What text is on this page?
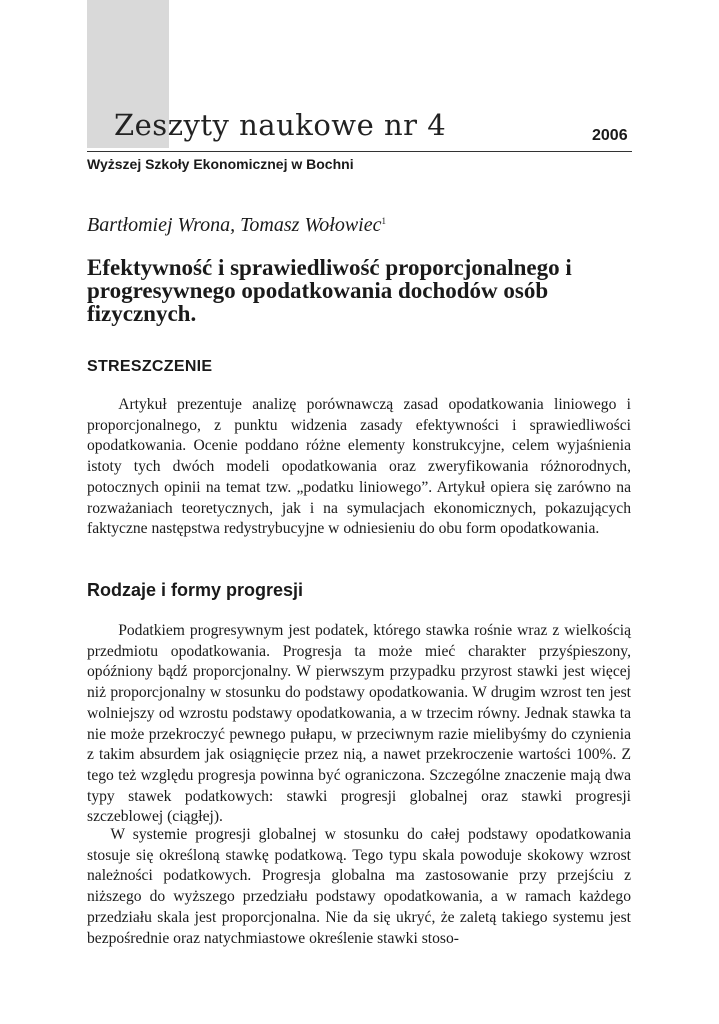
Zeszyty naukowe nr 4	2006
Wyższej Szkoły Ekonomicznej w Bochni
Bartłomiej Wrona, Tomasz Wołowiec$^1$
Efektywność i sprawiedliwość proporcjonalnego i progresywnego opodatkowania dochodów osób fizycznych.
STRESZCZENIE

  Artykuł prezentuje analizę porównawczą zasad opodatkowania liniowego i proporcjonalnego, z punktu widzenia zasady efektywności i sprawiedliwości opodatkowania. Ocenie poddano różne elementy konstrukcyjne, celem wyjaśnienia istoty tych dwóch modeli opodatkowania oraz zweryfikowania różnorodnych, potocznych opinii na temat tzw. „podatku liniowego”. Artykuł opiera się zarówno na rozważaniach teoretycznych, jak i na symulacjach ekonomicznych, pokazujących faktyczne następstwa redystrybucyjne w odniesieniu do obu form opodatkowania.

Rodzaje i formy progresji

  Podatkiem progresywnym jest podatek, którego stawka rośnie wraz z wielkością przedmiotu opodatkowania. Progresja ta może mieć charakter przyśpieszony, opóźniony bądź proporcjonalny. W pierwszym przypadku przyrost stawki jest więcej niż proporcjonalny w stosunku do podstawy opodatkowania. W drugim wzrost ten jest wolniejszy od wzrostu podstawy opodatkowania, a w trzecim równy. Jednak stawka ta nie może przekroczyć pewnego pułapu, w przeciwnym razie mielibyśmy do czynienia z takim absurdem jak osiągnięcie przez nią, a nawet przekroczenie wartości 100%. Z tego też względu progresja powinna być ograniczona. Szczególne znaczenie mają dwa typy stawek podatkowych: stawki progresji globalnej oraz stawki progresji szczeblowej (ciągłej).

  W systemie progresji globalnej w stosunku do całej podstawy opodatkowania stosuje się określoną stawkę podatkową. Tego typu skala powoduje skokowy wzrost należności podatkowych. Progresja globalna ma zastosowanie przy przejściu z niższego do wyższego przedziału podstawy opodatkowania, a w ramach każdego przedziału skala jest proporcjonalna. Nie da się ukryć, że zaletą takiego systemu jest bezpośrednie oraz natychmiastowe określenie stawki stoso-
